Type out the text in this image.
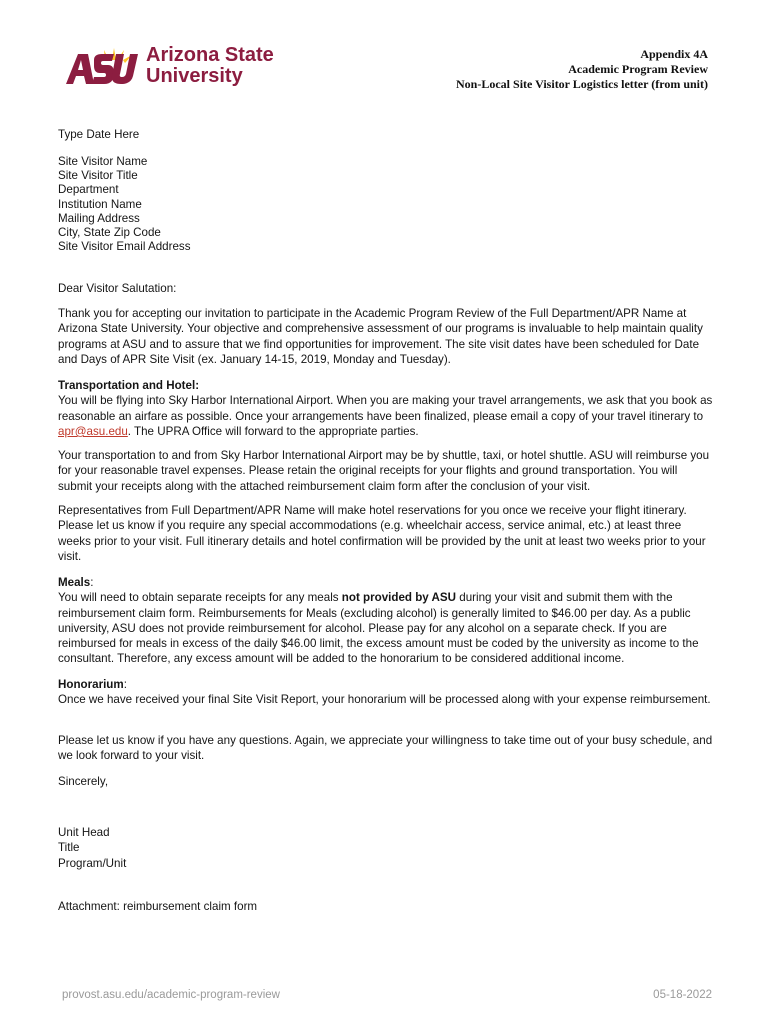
Arizona State
University
Appendix 4A
Academic Program Review
Non-Local Site Visitor Logistics letter (from unit)
Type Date Here
Site Visitor Name
Site Visitor Title
Department
Institution Name
Mailing Address
City, State Zip Code
Site Visitor Email Address
Dear Visitor Salutation:
Thank you for accepting our invitation to participate in the Academic Program Review of the Full Department/APR Name at Arizona State University. Your objective and comprehensive assessment of our programs is invaluable to help maintain quality programs at ASU and to assure that we find opportunities for improvement. The site visit dates have been scheduled for Date and Days of APR Site Visit (ex. January 14-15, 2019, Monday and Tuesday).
Transportation and Hotel:

You will be flying into Sky Harbor International Airport. When you are making your travel arrangements, we ask that you book as reasonable an airfare as possible. Once your arrangements have been finalized, please email a copy of your travel itinerary to apr@asu.edu. The UPRA Office will forward to the appropriate parties.

Your transportation to and from Sky Harbor International Airport may be by shuttle, taxi, or hotel shuttle. ASU will reimburse you for your reasonable travel expenses. Please retain the original receipts for your flights and ground transportation. You will submit your receipts along with the attached reimbursement claim form after the conclusion of your visit.
Representatives from Full Department/APR Name will make hotel reservations for you once we receive your flight itinerary. Please let us know if you require any special accommodations (e.g. wheelchair access, service animal, etc.) at least three weeks prior to your visit. Full itinerary details and hotel confirmation will be provided by the unit at least two weeks prior to your visit.
Meals:

You will need to obtain separate receipts for any meals not provided by ASU during your visit and submit them with the reimbursement claim form. Reimbursements for Meals (excluding alcohol) is generally limited to $46.00 per day. As a public university, ASU does not provide reimbursement for alcohol. Please pay for any alcohol on a separate check. If you are reimbursed for meals in excess of the daily $46.00 limit, the excess amount must be coded by the university as income to the consultant. Therefore, any excess amount will be added to the honorarium to be considered additional income.

Honorarium:

Once we have received your final Site Visit Report, your honorarium will be processed along with your expense reimbursement.

Please let us know if you have any questions. Again, we appreciate your willingness to take time out of your busy schedule, and we look forward to your visit.
Sincerely,
Unit Head
Title
Program/Unit
Attachment: reimbursement claim form
provost.asu.edu/academic-program-review	05-18-2022
